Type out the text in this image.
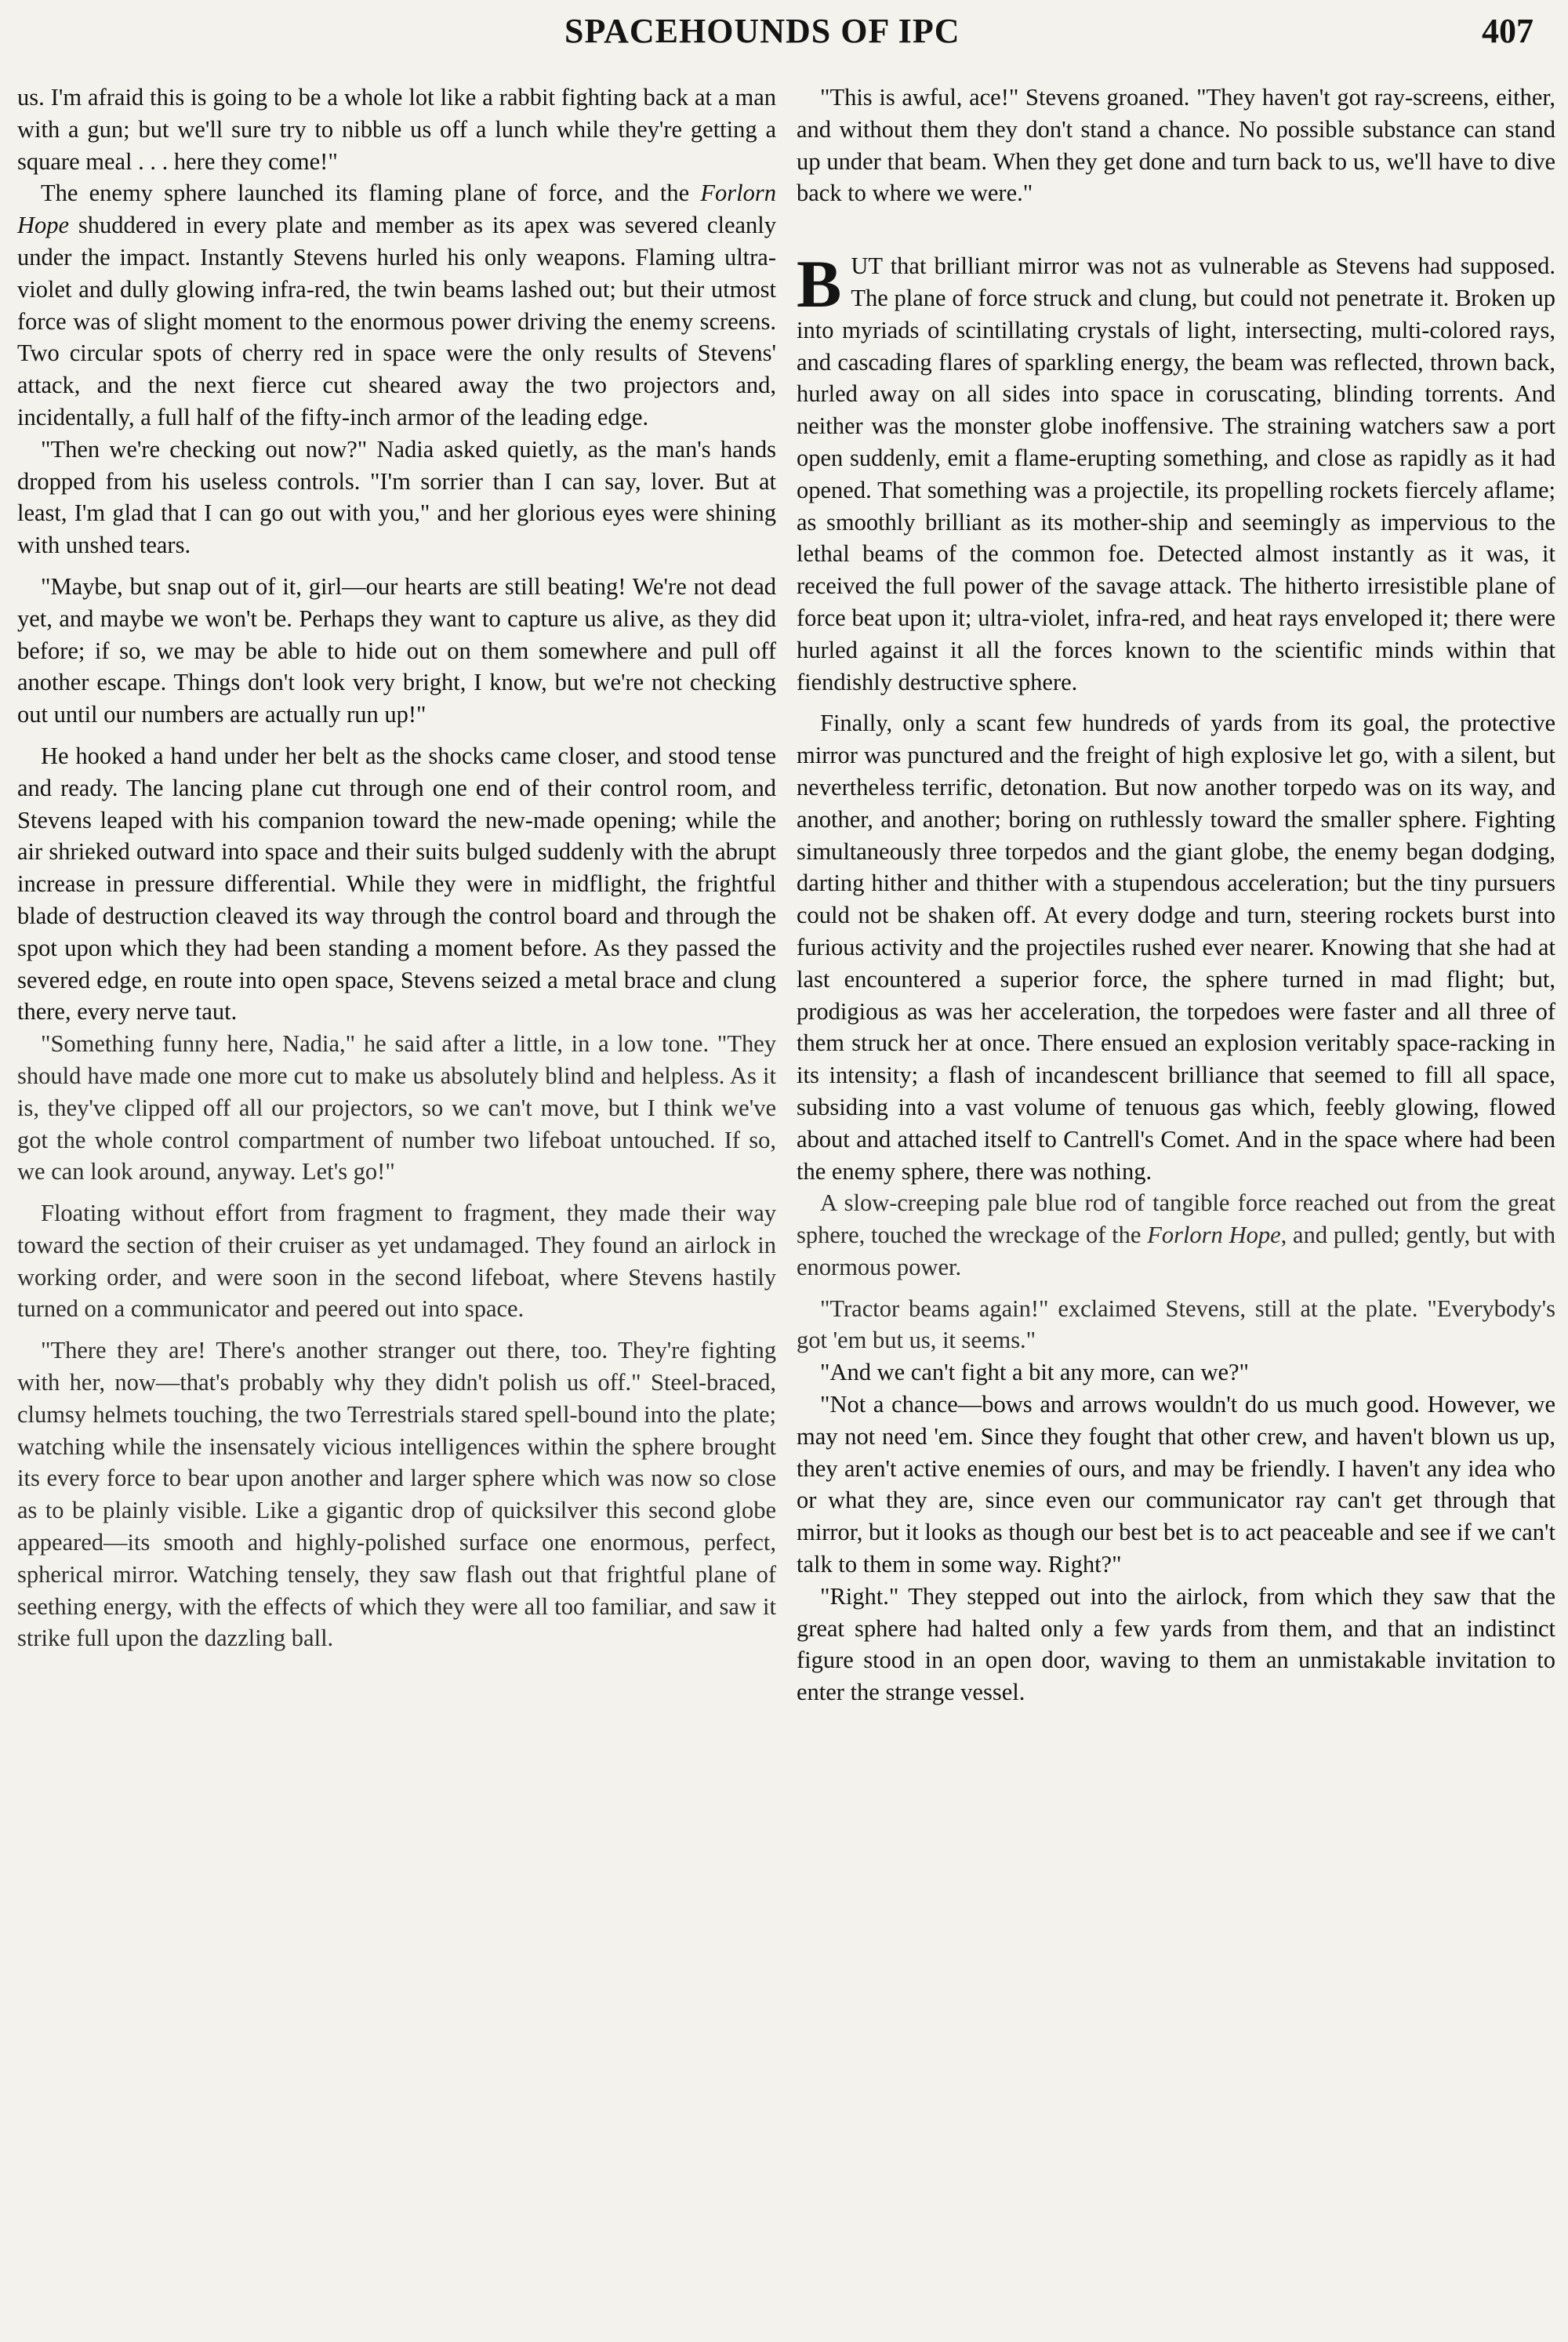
SPACEHOUNDS OF IPC	407

us. I'm afraid this is going to be a whole lot like a rabbit fighting back at a man with a gun; but we'll sure try to nibble us off a lunch while they're getting a square meal . . . here they come!"

The enemy sphere launched its flaming plane of force, and the Forlorn Hope shuddered in every plate and member as its apex was severed cleanly under the impact. Instantly Stevens hurled his only weapons. Flaming ultra-violet and dully glowing infra-red, the twin beams lashed out; but their utmost force was of slight moment to the enormous power driving the enemy screens. Two circular spots of cherry red in space were the only results of Stevens' attack, and the next fierce cut sheared away the two projectors and, incidentally, a full half of the fifty-inch armor of the leading edge.

"Then we're checking out now?" Nadia asked quietly, as the man's hands dropped from his useless controls. "I'm sorrier than I can say, lover. But at least, I'm glad that I can go out with you," and her glorious eyes were shining with unshed tears.

"Maybe, but snap out of it, girl—our hearts are still beating! We're not dead yet, and maybe we won't be. Perhaps they want to capture us alive, as they did before; if so, we may be able to hide out on them somewhere and pull off another escape. Things don't look very bright, I know, but we're not checking out until our numbers are actually run up!"

He hooked a hand under her belt as the shocks came closer, and stood tense and ready. The lancing plane cut through one end of their control room, and Stevens leaped with his companion toward the new-made opening; while the air shrieked outward into space and their suits bulged suddenly with the abrupt increase in pressure differential. While they were in midflight, the frightful blade of destruction cleaved its way through the control board and through the spot upon which they had been standing a moment before. As they passed the severed edge, en route into open space, Stevens seized a metal brace and clung there, every nerve taut.

"Something funny here, Nadia," he said after a little, in a low tone. "They should have made one more cut to make us absolutely blind and helpless. As it is, they've clipped off all our projectors, so we can't move, but I think we've got the whole control compartment of number two lifeboat untouched. If so, we can look around, anyway. Let's go!"

Floating without effort from fragment to fragment, they made their way toward the section of their cruiser as yet undamaged. They found an airlock in working order, and were soon in the second lifeboat, where Stevens hastily turned on a communicator and peered out into space.

"There they are! There's another stranger out there, too. They're fighting with her, now—that's probably why they didn't polish us off." Steel-braced, clumsy helmets touching, the two Terrestrials stared spell-bound into the plate; watching while the insensately vicious intelligences within the sphere brought its every force to bear upon another and larger sphere which was now so close as to be plainly visible. Like a gigantic drop of quicksilver this second globe appeared—its smooth and highly-polished surface one enormous, perfect, spherical mirror. Watching tensely, they saw flash out that frightful plane of seething energy, with the effects of which they were all too familiar, and saw it strike full upon the dazzling ball.

"This is awful, ace!" Stevens groaned. "They haven't got ray-screens, either, and without them they don't stand a chance. No possible substance can stand up under that beam. When they get done and turn back to us, we'll have to dive back to where we were."

BUT that brilliant mirror was not as vulnerable as Stevens had supposed. The plane of force struck and clung, but could not penetrate it. Broken up into myriads of scintillating crystals of light, intersecting, multi-colored rays, and cascading flares of sparkling energy, the beam was reflected, thrown back, hurled away on all sides into space in coruscating, blinding torrents. And neither was the monster globe inoffensive. The straining watchers saw a port open suddenly, emit a flame-erupting something, and close as rapidly as it had opened. That something was a projectile, its propelling rockets fiercely aflame; as smoothly brilliant as its mother-ship and seemingly as impervious to the lethal beams of the common foe. Detected almost instantly as it was, it received the full power of the savage attack. The hitherto irresistible plane of force beat upon it; ultra-violet, infra-red, and heat rays enveloped it; there were hurled against it all the forces known to the scientific minds within that fiendishly destructive sphere.

Finally, only a scant few hundreds of yards from its goal, the protective mirror was punctured and the freight of high explosive let go, with a silent, but nevertheless terrific, detonation. But now another torpedo was on its way, and another, and another; boring on ruthlessly toward the smaller sphere. Fighting simultaneously three torpedos and the giant globe, the enemy began dodging, darting hither and thither with a stupendous acceleration; but the tiny pursuers could not be shaken off. At every dodge and turn, steering rockets burst into furious activity and the projectiles rushed ever nearer. Knowing that she had at last encountered a superior force, the sphere turned in mad flight; but, prodigious as was her acceleration, the torpedoes were faster and all three of them struck her at once. There ensued an explosion veritably space-racking in its intensity; a flash of incandescent brilliance that seemed to fill all space, subsiding into a vast volume of tenuous gas which, feebly glowing, flowed about and attached itself to Cantrell's Comet. And in the space where had been the enemy sphere, there was nothing.

A slow-creeping pale blue rod of tangible force reached out from the great sphere, touched the wreckage of the Forlorn Hope, and pulled; gently, but with enormous power.

"Tractor beams again!" exclaimed Stevens, still at the plate. "Everybody's got 'em but us, it seems."

"And we can't fight a bit any more, can we?"

"Not a chance—bows and arrows wouldn't do us much good. However, we may not need 'em. Since they fought that other crew, and haven't blown us up, they aren't active enemies of ours, and may be friendly. I haven't any idea who or what they are, since even our communicator ray can't get through that mirror, but it looks as though our best bet is to act peaceable and see if we can't talk to them in some way. Right?"

"Right." They stepped out into the airlock, from which they saw that the great sphere had halted only a few yards from them, and that an indistinct figure stood in an open door, waving to them an unmistakable invitation to enter the strange vessel.
